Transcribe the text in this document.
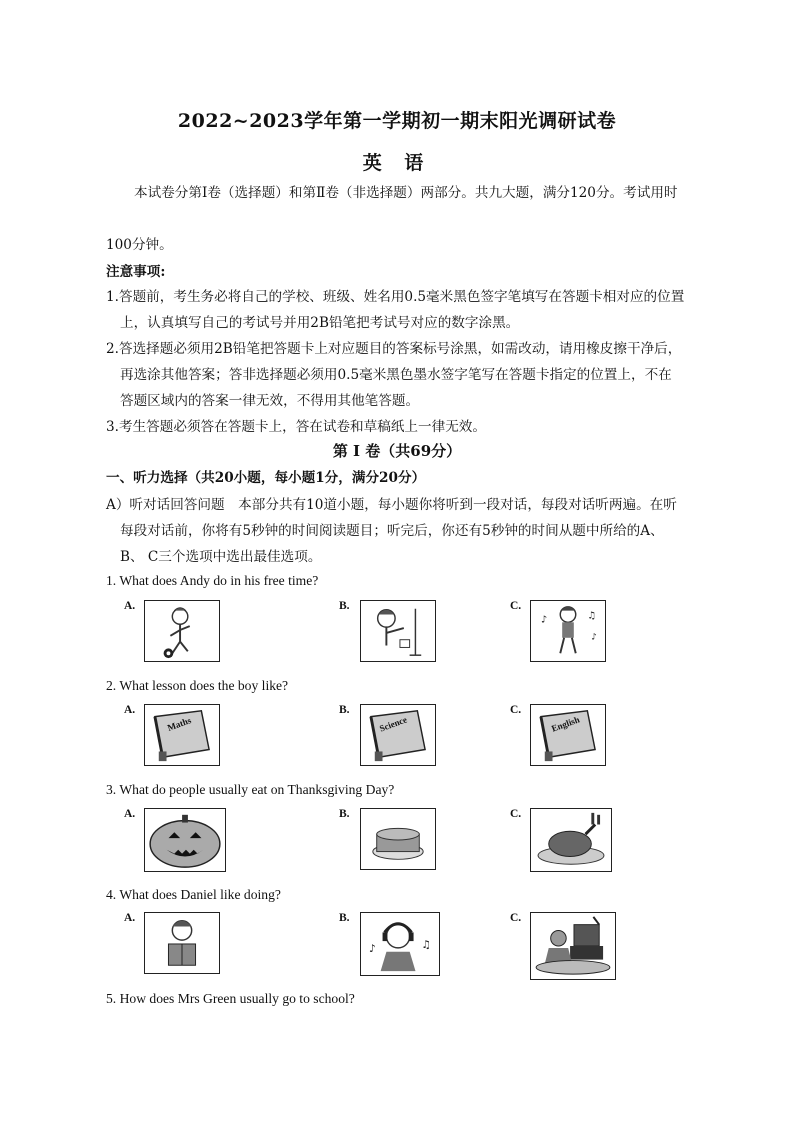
2022~2023学年第一学期初一期末阳光调研试卷
英 语
本试卷分第Ⅰ卷（选择题）和第Ⅱ卷（非选择题）两部分。共九大题，满分120分。考试用时
100分钟。
注意事项:
1.答题前，考生务必将自己的学校、班级、姓名用0.5毫米黑色签字笔填写在答题卡相对应的位置
上，认真填写自己的考试号并用2B铅笔把考试号对应的数字涂黑。
2.答选择题必须用2B铅笔把答题卡上对应题目的答案标号涂黑，如需改动，请用橡皮擦干净后，
再选涂其他答案；答非选择题必须用0.5毫米黑色墨水签字笔写在答题卡指定的位置上，不在
答题区域内的答案一律无效，不得用其他笔答题。
3.考生答题必须答在答题卡上，答在试卷和草稿纸上一律无效。
第 I 卷（共69分）
一、听力选择（共20小题，每小题1分，满分20分）
A）听对话回答问题　本部分共有10道小题，每小题你将听到一段对话，每段对话听两遍。在听
每段对话前，你将有5秒钟的时间阅读题目；听完后，你还有5秒钟的时间从题中所给的A、
B、 C三个选项中选出最佳选项。
1. What does Andy do in his free time?
A.	B.	C.
♪	♫
♪
2. What lesson does the boy like?
A.	B.	C.
Maths	Science	English
3. What do people usually eat on Thanksgiving Day?
A.	B.	C.
4. What does Daniel like doing?
A.	B.	C.
♪	♫
5. How does Mrs Green usually go to school?
